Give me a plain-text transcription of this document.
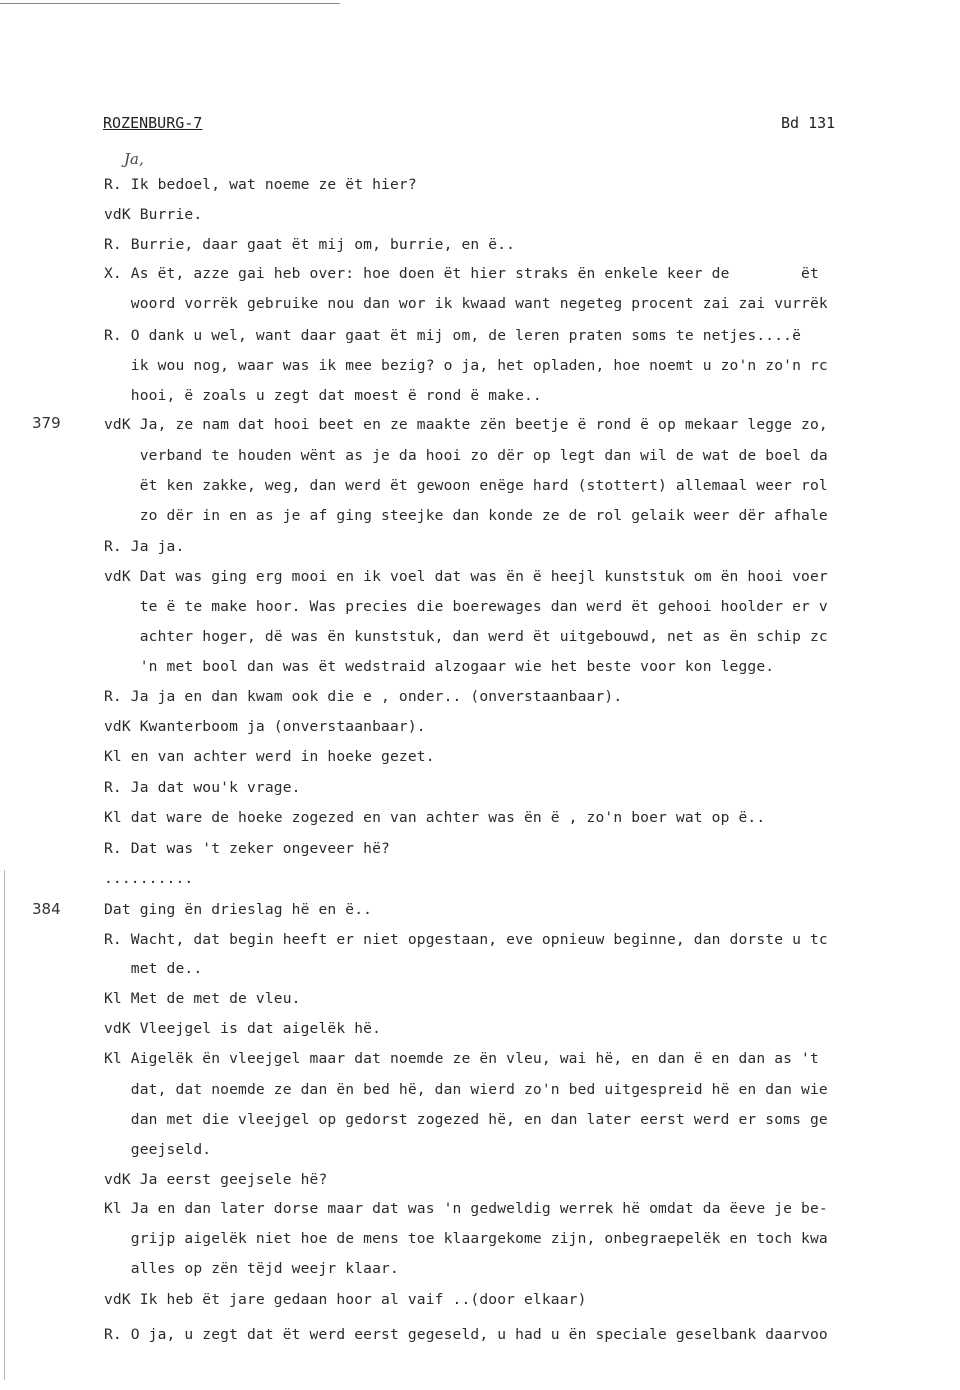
ROZENBURG-7	Bd 131
Ja,
379
384
R. Ik bedoel, wat noeme ze ët hier?
vdK Burrie.
R. Burrie, daar gaat ët mij om, burrie, en ë..
X. As ët, azze gai heb over: hoe doen ët hier straks ën enkele keer de        ët
woord vorrëk gebruike nou dan wor ik kwaad want negeteg procent zai zai vurrëk
R. O dank u wel, want daar gaat ët mij om, de leren praten soms te netjes....ë
ik wou nog, waar was ik mee bezig? o ja, het opladen, hoe noemt u zo'n zo'n rc
hooi, ë zoals u zegt dat moest ë rond ë make..
vdK Ja, ze nam dat hooi beet en ze maakte zën beetje ë rond ë op mekaar legge zo,
verband te houden wënt as je da hooi zo dër op legt dan wil de wat de boel da
ët ken zakke, weg, dan werd ët gewoon enëge hard (stottert) allemaal weer rol
zo dër in en as je af ging steejke dan konde ze de rol gelaik weer dër afhale
R. Ja ja.
vdK Dat was ging erg mooi en ik voel dat was ën ë heejl kunststuk om ën hooi voer
te ë te make hoor. Was precies die boerewages dan werd ët gehooi hoolder er v
achter hoger, dë was ën kunststuk, dan werd ët uitgebouwd, net as ën schip zc
'n met bool dan was ët wedstraid alzogaar wie het beste voor kon legge.
R. Ja ja en dan kwam ook die e , onder.. (onverstaanbaar).
vdK Kwanterboom ja (onverstaanbaar).
Kl en van achter werd in hoeke gezet.
R. Ja dat wou'k vrage.
Kl dat ware de hoeke zogezed en van achter was ën ë , zo'n boer wat op ë..
R. Dat was 't zeker ongeveer hë?
..........
Dat ging ën drieslag hë en ë..
R. Wacht, dat begin heeft er niet opgestaan, eve opnieuw beginne, dan dorste u tc
met de..
Kl Met de met de vleu.
vdK Vleejgel is dat aigelëk hë.
Kl Aigelëk ën vleejgel maar dat noemde ze ën vleu, wai hë, en dan ë en dan as 't
dat, dat noemde ze dan ën bed hë, dan wierd zo'n bed uitgespreid hë en dan wie
dan met die vleejgel op gedorst zogezed hë, en dan later eerst werd er soms ge
geejseld.
vdK Ja eerst geejsele hë?
Kl Ja en dan later dorse maar dat was 'n gedweldig werrek hë omdat da ëeve je be-
grijp aigelëk niet hoe de mens toe klaargekome zijn, onbegraepelëk en toch kwa
alles op zën tëjd weejr klaar.
vdK Ik heb ët jare gedaan hoor al vaif ..(door elkaar)
R. O ja, u zegt dat ët werd eerst gegeseld, u had u ën speciale geselbank daarvoo
